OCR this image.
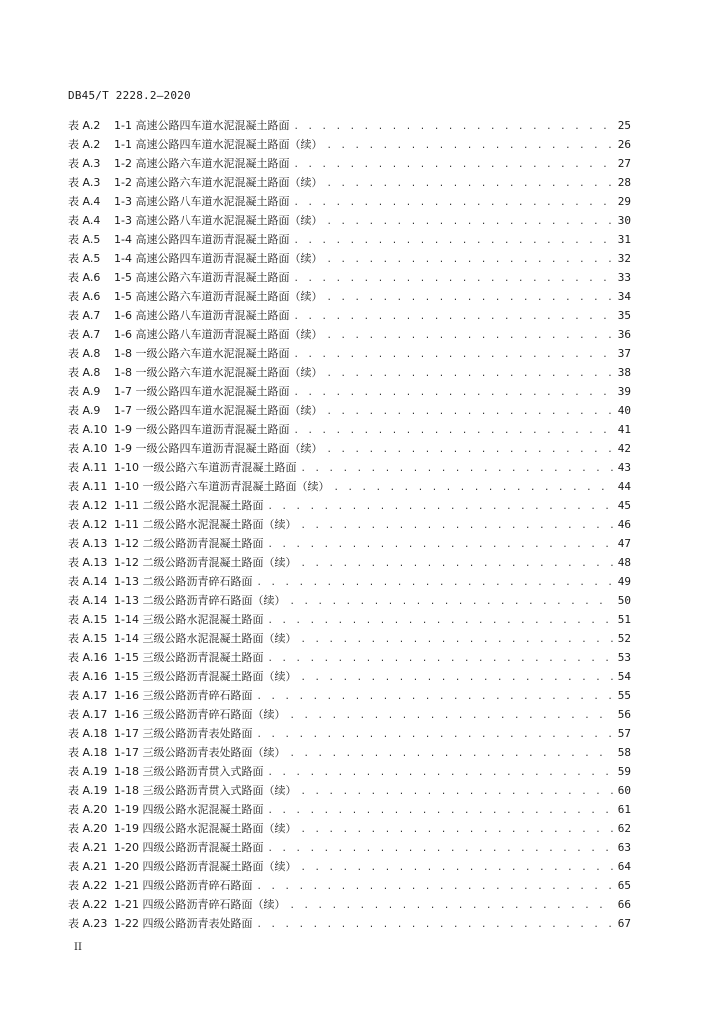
DB45/T 2228.2—2020
表 A.2	1-1 高速公路四车道水泥混凝土路面 . . .	25
表 A.2	1-1 高速公路四车道水泥混凝土路面（续） . . .	26
表 A.3	1-2 高速公路六车道水泥混凝土路面 . . .	27
表 A.3	1-2 高速公路六车道水泥混凝土路面（续） . . .	28
表 A.4	1-3 高速公路八车道水泥混凝土路面 . . .	29
表 A.4	1-3 高速公路八车道水泥混凝土路面（续） . . .	30
表 A.5	1-4 高速公路四车道沥青混凝土路面 . . .	31
表 A.5	1-4 高速公路四车道沥青混凝土路面（续） . . .	32
表 A.6	1-5 高速公路六车道沥青混凝土路面 . . .	33
表 A.6	1-5 高速公路六车道沥青混凝土路面（续） . . .	34
表 A.7	1-6 高速公路八车道沥青混凝土路面 . . .	35
表 A.7	1-6 高速公路八车道沥青混凝土路面（续） . . .	36
表 A.8	1-8 一级公路六车道水泥混凝土路面 . . .	37
表 A.8	1-8 一级公路六车道水泥混凝土路面（续） . . .	38
表 A.9	1-7 一级公路四车道水泥混凝土路面 . . .	39
表 A.9	1-7 一级公路四车道水泥混凝土路面（续） . . .	40
表 A.10 1-9 一级公路四车道沥青混凝土路面 . . .	41
表 A.10 1-9 一级公路四车道沥青混凝土路面（续） . . .	42
表 A.11 1-10 一级公路六车道沥青混凝土路面 . . .	43
表 A.11 1-10 一级公路六车道沥青混凝土路面（续） . . .	44
表 A.12 1-11 二级公路水泥混凝土路面 . . .	45
表 A.12 1-11 二级公路水泥混凝土路面（续） . . .	46
表 A.13 1-12 二级公路沥青混凝土路面 . . .	47
表 A.13 1-12 二级公路沥青混凝土路面（续） . . .	48
表 A.14 1-13 二级公路沥青碎石路面 . . .	49
表 A.14 1-13 二级公路沥青碎石路面（续） . . .	50
表 A.15 1-14 三级公路水泥混凝土路面 . . .	51
表 A.15 1-14 三级公路水泥混凝土路面（续） . . .	52
表 A.16 1-15 三级公路沥青混凝土路面 . . .	53
表 A.16 1-15 三级公路沥青混凝土路面（续） . . .	54
表 A.17 1-16 三级公路沥青碎石路面 . . .	55
表 A.17 1-16 三级公路沥青碎石路面（续） . . .	56
表 A.18 1-17 三级公路沥青表处路面 . . .	57
表 A.18 1-17 三级公路沥青表处路面（续） . . .	58
表 A.19 1-18 三级公路沥青贯入式路面 . . .	59
表 A.19 1-18 三级公路沥青贯入式路面（续） . . .	60
表 A.20 1-19 四级公路水泥混凝土路面 . . .	61
表 A.20 1-19 四级公路水泥混凝土路面（续） . . .	62
表 A.21 1-20 四级公路沥青混凝土路面 . . .	63
表 A.21 1-20 四级公路沥青混凝土路面（续） . . .	64
表 A.22 1-21 四级公路沥青碎石路面 . . .	65
表 A.22 1-21 四级公路沥青碎石路面（续） . . .	66
表 A.23 1-22 四级公路沥青表处路面 . . .	67
II
